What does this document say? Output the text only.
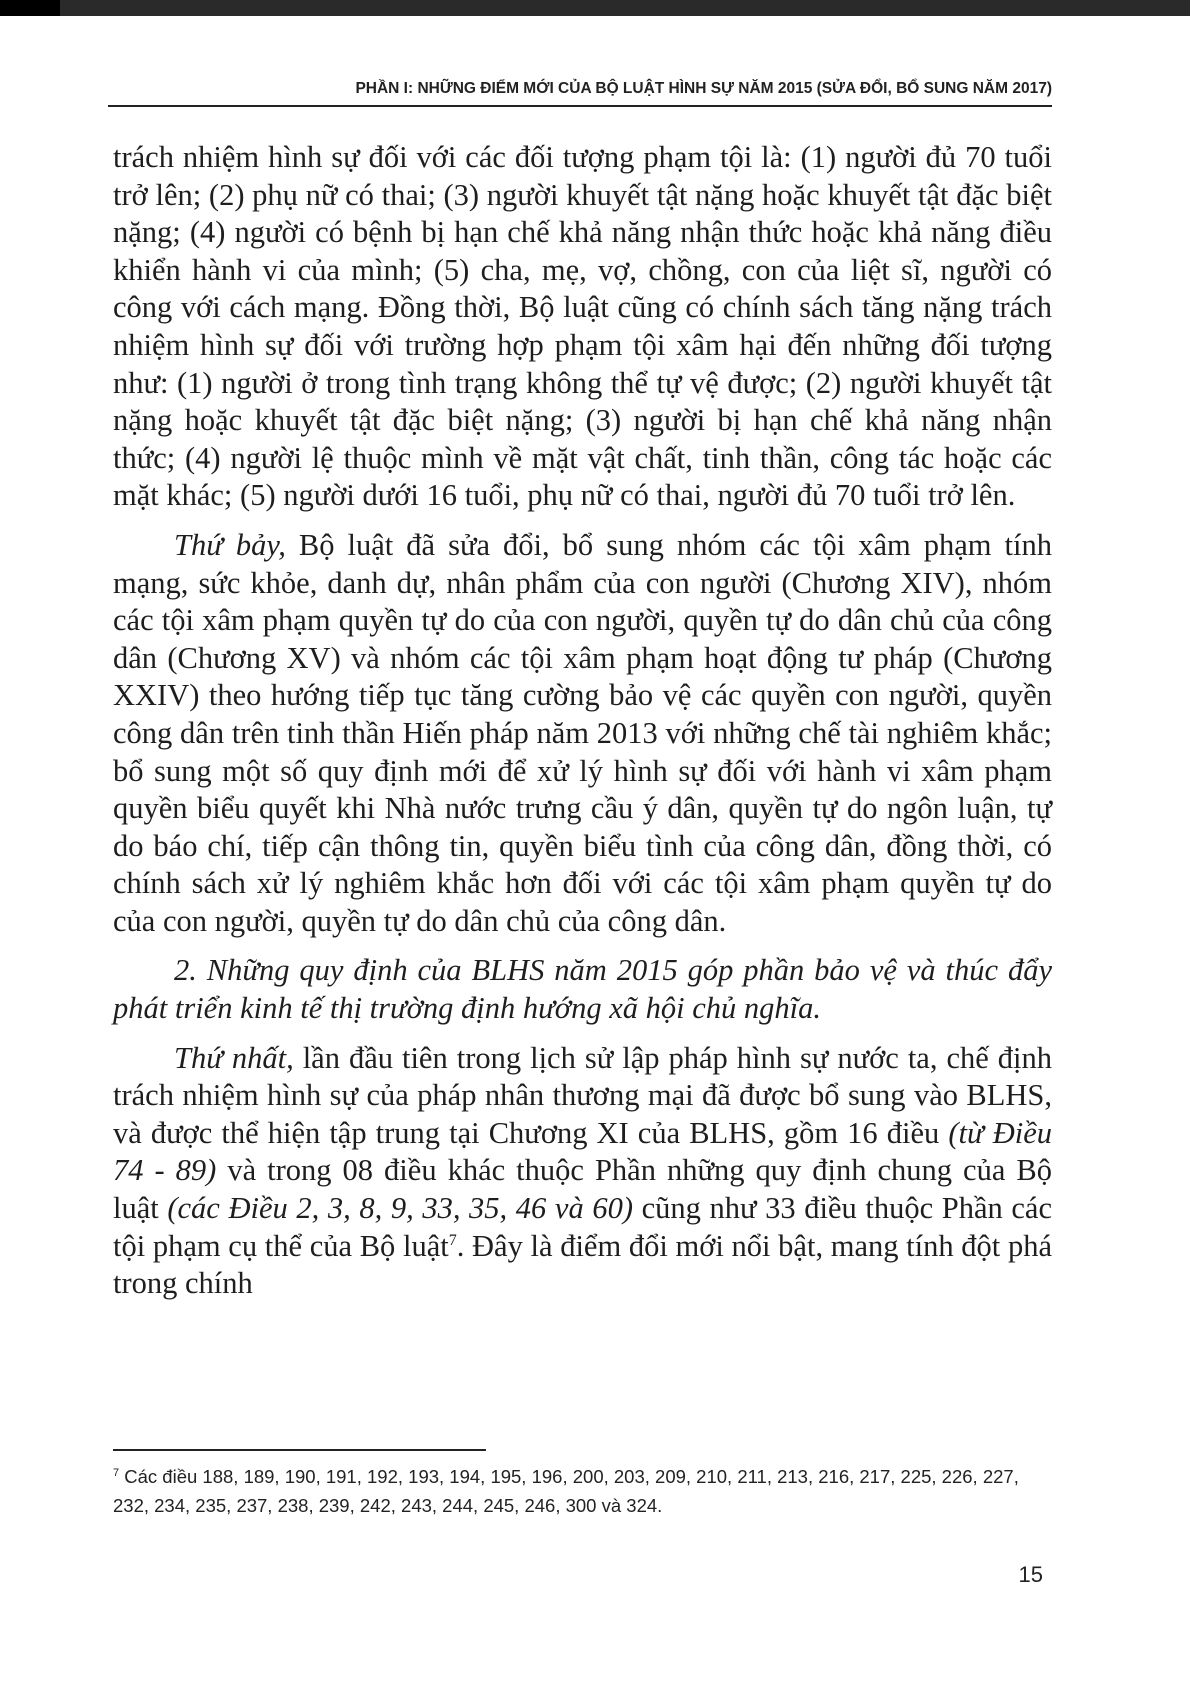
PHẦN I: NHỮNG ĐIỂM MỚI CỦA BỘ LUẬT HÌNH SỰ NĂM 2015 (SỬA ĐỔI, BỔ SUNG NĂM 2017)

trách nhiệm hình sự đối với các đối tượng phạm tội là: (1) người đủ 70 tuổi trở lên; (2) phụ nữ có thai; (3) người khuyết tật nặng hoặc khuyết tật đặc biệt nặng; (4) người có bệnh bị hạn chế khả năng nhận thức hoặc khả năng điều khiển hành vi của mình; (5) cha, mẹ, vợ, chồng, con của liệt sĩ, người có công với cách mạng. Đồng thời, Bộ luật cũng có chính sách tăng nặng trách nhiệm hình sự đối với trường hợp phạm tội xâm hại đến những đối tượng như: (1) người ở trong tình trạng không thể tự vệ được; (2) người khuyết tật nặng hoặc khuyết tật đặc biệt nặng; (3) người bị hạn chế khả năng nhận thức; (4) người lệ thuộc mình về mặt vật chất, tinh thần, công tác hoặc các mặt khác; (5) người dưới 16 tuổi, phụ nữ có thai, người đủ 70 tuổi trở lên.

Thứ bảy, Bộ luật đã sửa đổi, bổ sung nhóm các tội xâm phạm tính mạng, sức khỏe, danh dự, nhân phẩm của con người (Chương XIV), nhóm các tội xâm phạm quyền tự do của con người, quyền tự do dân chủ của công dân (Chương XV) và nhóm các tội xâm phạm hoạt động tư pháp (Chương XXIV) theo hướng tiếp tục tăng cường bảo vệ các quyền con người, quyền công dân trên tinh thần Hiến pháp năm 2013 với những chế tài nghiêm khắc; bổ sung một số quy định mới để xử lý hình sự đối với hành vi xâm phạm quyền biểu quyết khi Nhà nước trưng cầu ý dân, quyền tự do ngôn luận, tự do báo chí, tiếp cận thông tin, quyền biểu tình của công dân, đồng thời, có chính sách xử lý nghiêm khắc hơn đối với các tội xâm phạm quyền tự do của con người, quyền tự do dân chủ của công dân.

2. Những quy định của BLHS năm 2015 góp phần bảo vệ và thúc đẩy phát triển kinh tế thị trường định hướng xã hội chủ nghĩa.

Thứ nhất, lần đầu tiên trong lịch sử lập pháp hình sự nước ta, chế định trách nhiệm hình sự của pháp nhân thương mại đã được bổ sung vào BLHS, và được thể hiện tập trung tại Chương XI của BLHS, gồm 16 điều (từ Điều 74 - 89) và trong 08 điều khác thuộc Phần những quy định chung của Bộ luật (các Điều 2, 3, 8, 9, 33, 35, 46 và 60) cũng như 33 điều thuộc Phần các tội phạm cụ thể của Bộ luật$^7$. Đây là điểm đổi mới nổi bật, mang tính đột phá trong chính

$^7$ Các điều 188, 189, 190, 191, 192, 193, 194, 195, 196, 200, 203, 209, 210, 211, 213, 216, 217, 225, 226, 227, 232, 234, 235, 237, 238, 239, 242, 243, 244, 245, 246, 300 và 324.
15
